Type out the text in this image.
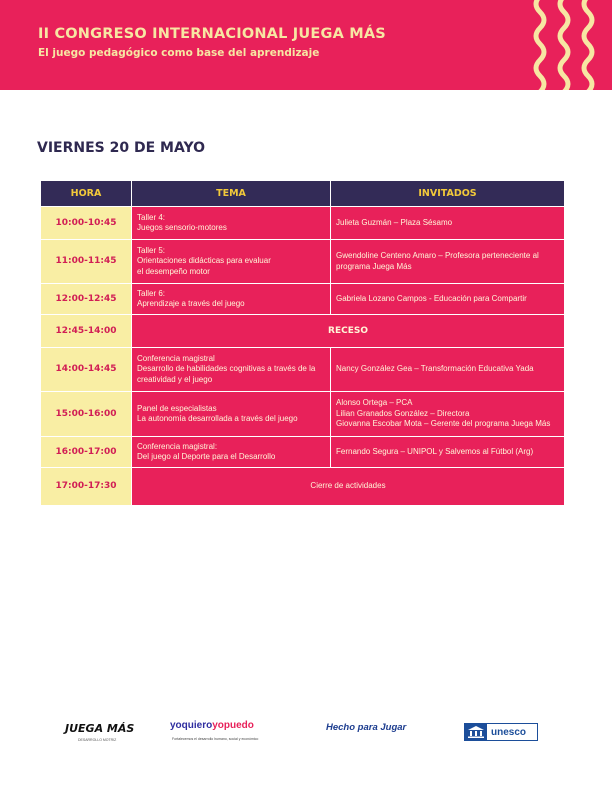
II CONGRESO INTERNACIONAL JUEGA MÁS
El juego pedagógico como base del aprendizaje
VIERNES 20 DE MAYO
HORA	TEMA	INVITADOS
10:00-10:45	Taller 4:
Juegos sensorio-motores	Julieta Guzmán – Plaza Sésamo

11:00-11:45	Taller 5:
Orientaciones didácticas para evaluar
el desempeño motor	Gwendoline Centeno Amaro – Profesora perteneciente al
programa Juega Más

12:00-12:45	Taller 6:
Aprendizaje a través del juego	Gabriela Lozano Campos - Educación para Compartir

12:45-14:00	RECESO	
14:00-14:45	Conferencia magistral
Desarrollo de habilidades cognitivas a través de la
creatividad y el juego	Nancy González Gea – Transformación Educativa Yada

15:00-16:00	Panel de especialistas
La autonomía desarrollada a través del juego	Alonso Ortega – PCA
Lilian Granados González – Directora
Giovanna Escobar Mota – Gerente del programa Juega Más

16:00-17:00	Conferencia magistral:
Del juego al Deporte para el Desarrollo	Fernando Segura – UNIPOL y Salvemos al Fútbol (Arg)

17:00-17:30	Cierre de actividades	
JUEGA MÁS
DESARROLLO MOTRIZ
yoquieroyopuedo
Fortalecemos el desarrollo humano, social y económico
Hecho para Jugar	unesco
